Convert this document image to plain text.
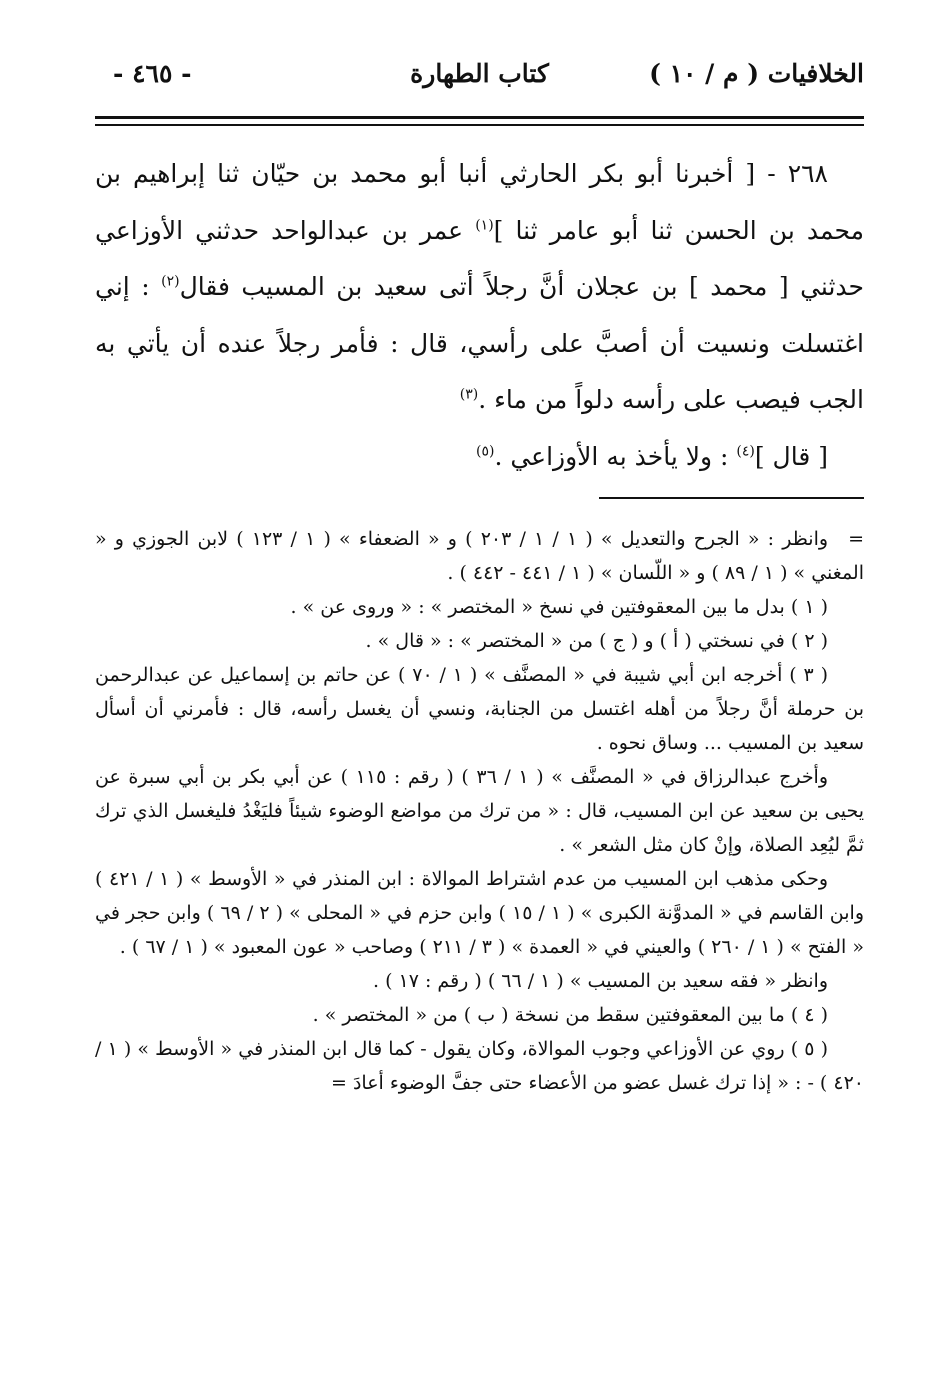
الخلافيات ( م / ١٠ )
كتاب الطهارة
- ٤٦٥ -

٢٦٨ - [ أخبرنا أبو بكر الحارثي أنبا أبو محمد بن حيّان ثنا إبراهيم بن محمد بن الحسن ثنا أبو عامر ثنا ]$^{(١)}$ عمر بن عبدالواحد حدثني الأوزاعي حدثني [ محمد ] بن عجلان أنَّ رجلاً أتى سعيد بن المسيب فقال$^{(٢)}$ : إني اغتسلت ونسيت أن أصبَّ على رأسي، قال : فأمر رجلاً عنده أن يأتي به الجب فيصب على رأسه دلواً من ماء .$^{(٣)}$

[ قال ]$^{(٤)}$ : ولا يأخذ به الأوزاعي .$^{(٥)}$

=وانظر : « الجرح والتعديل » ( ١ / ١ / ٢٠٣ ) و « الضعفاء » ( ١ / ١٢٣ ) لابن الجوزي و « المغني » ( ١ / ٨٩ ) و « اللّسان » ( ١ / ٤٤١ - ٤٤٢ ) .

( ١ ) بدل ما بين المعقوفتين في نسخ « المختصر » : « وروى عن » .

( ٢ ) في نسختي ( أ ) و ( ج ) من « المختصر » : « قال » .

( ٣ ) أخرجه ابن أبي شيبة في « المصنَّف » ( ١ / ٧٠ ) عن حاتم بن إسماعيل عن عبدالرحمن بن حرملة أنَّ رجلاً من أهله اغتسل من الجنابة، ونسي أن يغسل رأسه، قال : فأمرني أن أسأل سعيد بن المسيب ... وساق نحوه .

وأخرج عبدالرزاق في « المصنَّف » ( ١ / ٣٦ ) ( رقم : ١١٥ ) عن أبي بكر بن أبي سبرة عن يحيى بن سعيد عن ابن المسيب، قال : « من ترك من مواضع الوضوء شيئاً فليَغْدُ فليغسل الذي ترك ثمَّ ليُعِد الصلاة، وإنْ كان مثل الشعر » .

وحكى مذهب ابن المسيب من عدم اشتراط الموالاة : ابن المنذر في « الأوسط » ( ١ / ٤٢١ ) وابن القاسم في « المدوَّنة الكبرى » ( ١ / ١٥ ) وابن حزم في « المحلى » ( ٢ / ٦٩ ) وابن حجر في « الفتح » ( ١ / ٢٦٠ ) والعيني في « العمدة » ( ٣ / ٢١١ ) وصاحب « عون المعبود » ( ١ / ٦٧ ) .

وانظر « فقه سعيد بن المسيب » ( ١ / ٦٦ ) ( رقم : ١٧ ) .

( ٤ ) ما بين المعقوفتين سقط من نسخة ( ب ) من « المختصر » .

( ٥ ) روي عن الأوزاعي وجوب الموالاة، وكان يقول - كما قال ابن المنذر في « الأوسط » ( ١ / ٤٢٠ ) - : « إذا ترك غسل عضو من الأعضاء حتى جفَّ الوضوء أعادَ =
